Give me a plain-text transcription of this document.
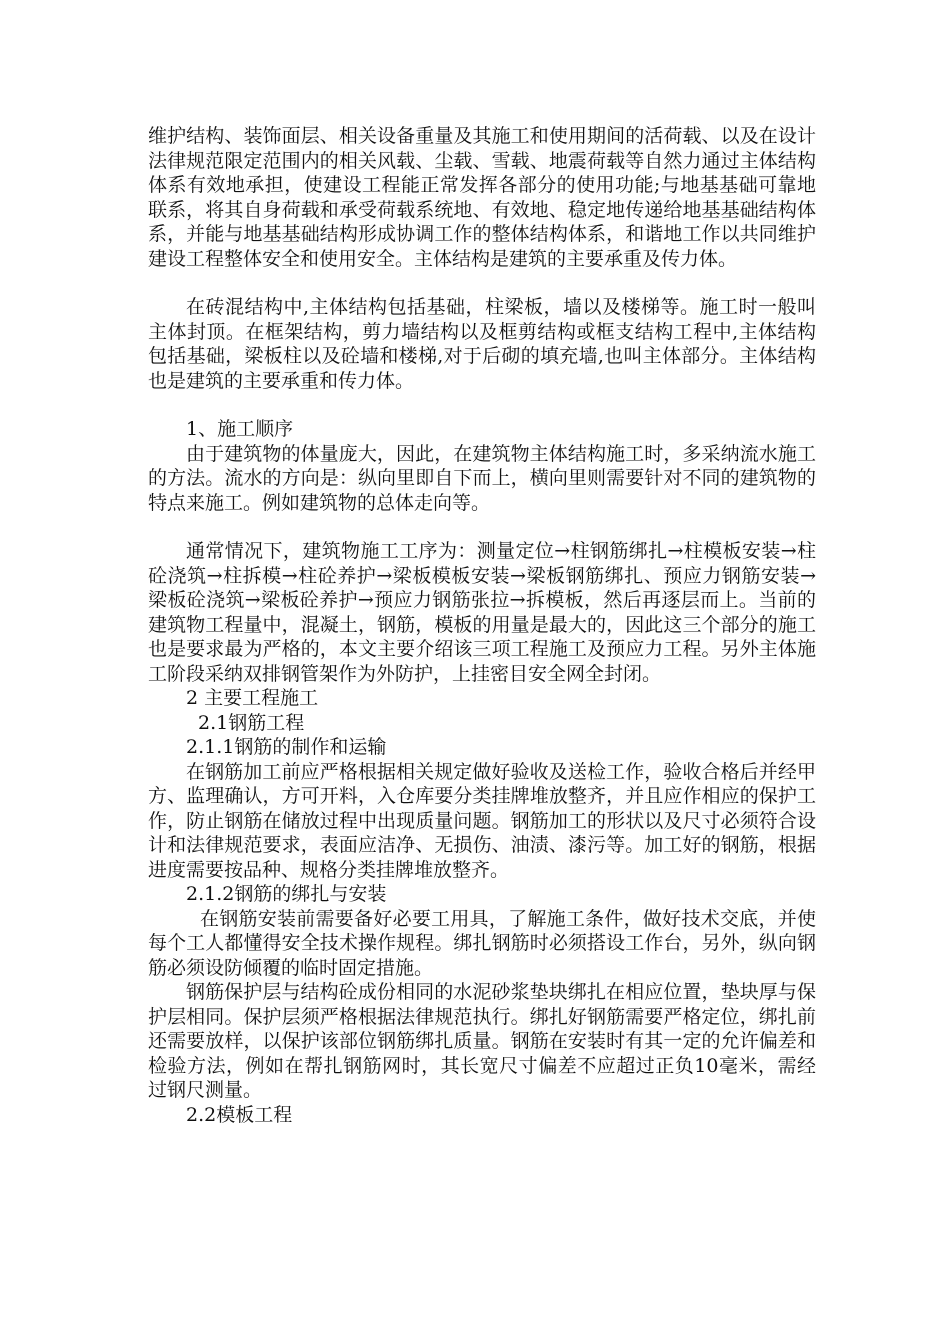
维护结构、装饰面层、相关设备重量及其施工和使用期间的活荷载、以及在设计法律规范限定范围内的相关风载、尘载、雪载、地震荷载等自然力通过主体结构体系有效地承担，使建设工程能正常发挥各部分的使用功能;与地基基础可靠地联系，将其自身荷载和承受荷载系统地、有效地、稳定地传递给地基基础结构体系，并能与地基基础结构形成协调工作的整体结构体系，和谐地工作以共同维护建设工程整体安全和使用安全。主体结构是建筑的主要承重及传力体。

在砖混结构中,主体结构包括基础，柱梁板，墙以及楼梯等。施工时一般叫主体封顶。在框架结构，剪力墙结构以及框剪结构或框支结构工程中,主体结构包括基础，梁板柱以及砼墙和楼梯,对于后砌的填充墙,也叫主体部分。主体结构也是建筑的主要承重和传力体。

1、施工顺序

由于建筑物的体量庞大，因此，在建筑物主体结构施工时，多采纳流水施工的方法。流水的方向是：纵向里即自下而上，横向里则需要针对不同的建筑物的特点来施工。例如建筑物的总体走向等。

通常情况下，建筑物施工工序为：测量定位→柱钢筋绑扎→柱模板安装→柱砼浇筑→柱拆模→柱砼养护→梁板模板安装→梁板钢筋绑扎、预应力钢筋安装→梁板砼浇筑→梁板砼养护→预应力钢筋张拉→拆模板，然后再逐层而上。当前的建筑物工程量中，混凝土，钢筋，模板的用量是最大的，因此这三个部分的施工也是要求最为严格的，本文主要介绍该三项工程施工及预应力工程。另外主体施工阶段采纳双排钢管架作为外防护，上挂密目安全网全封闭。

2 主要工程施工

2.1钢筋工程

2.1.1钢筋的制作和运输

在钢筋加工前应严格根据相关规定做好验收及送检工作，验收合格后并经甲方、监理确认，方可开料，入仓库要分类挂牌堆放整齐，并且应作相应的保护工作，防止钢筋在储放过程中出现质量问题。钢筋加工的形状以及尺寸必须符合设计和法律规范要求，表面应洁净、无损伤、油渍、漆污等。加工好的钢筋，根据进度需要按品种、规格分类挂牌堆放整齐。

2.1.2钢筋的绑扎与安装

在钢筋安装前需要备好必要工用具，了解施工条件，做好技术交底，并使每个工人都懂得安全技术操作规程。绑扎钢筋时必须搭设工作台，另外，纵向钢筋必须设防倾覆的临时固定措施。

钢筋保护层与结构砼成份相同的水泥砂浆垫块绑扎在相应位置，垫块厚与保护层相同。保护层须严格根据法律规范执行。绑扎好钢筋需要严格定位，绑扎前还需要放样，以保护该部位钢筋绑扎质量。钢筋在安装时有其一定的允许偏差和检验方法，例如在帮扎钢筋网时，其长宽尺寸偏差不应超过正负10毫米，需经过钢尺测量。

2.2模板工程
